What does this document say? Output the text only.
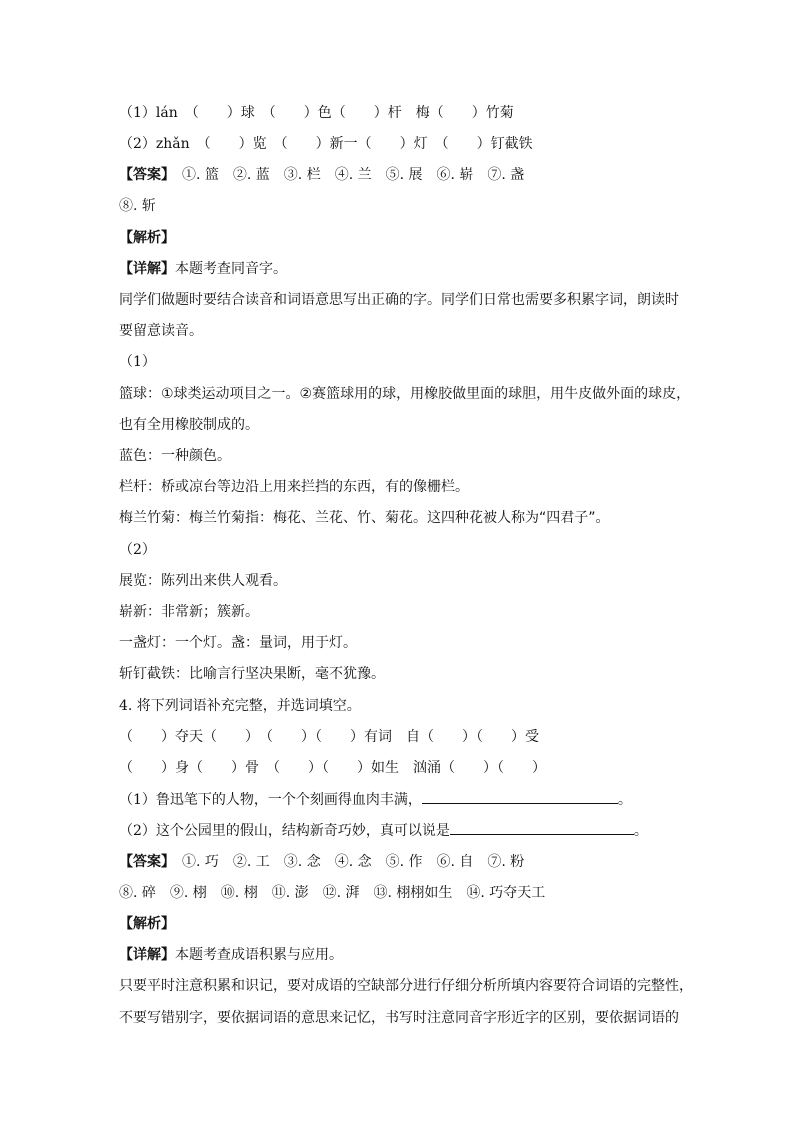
（1）lán　（　　）球　（　　）色（　　）杆　梅（　　）竹菊
（2）zhǎn　（　　）览　（　　）新一（　　）灯　（　　）钉截铁
【答案】　①. 篮　②. 蓝　③. 栏　④. 兰　⑤. 展　⑥. 崭　⑦. 盏
⑧. 斩
【解析】
【详解】本题考查同音字。
同学们做题时要结合读音和词语意思写出正确的字。同学们日常也需要多积累字词，朗读时
要留意读音。
（1）
篮球：①球类运动项目之一。②赛篮球用的球，用橡胶做里面的球胆，用牛皮做外面的球皮，
也有全用橡胶制成的。
蓝色：一种颜色。
栏杆：桥或凉台等边沿上用来拦挡的东西，有的像栅栏。
梅兰竹菊：梅兰竹菊指：梅花、兰花、竹、菊花。这四种花被人称为“四君子”。
（2）
展览：陈列出来供人观看。
崭新：非常新；簇新。
一盏灯：一个灯。盏：量词，用于灯。
斩钉截铁：比喻言行坚决果断，毫不犹豫。
4. 将下列词语补充完整，并选词填空。
（　　）夺天（　　）　（　　）（　　）有词　自（　　）（　　）受
（　　）身（　　）骨　（　　）（　　）如生　汹涌（　　）（　　）
（1）鲁迅笔下的人物，一个个刻画得血肉丰满，	。
（2）这个公园里的假山，结构新奇巧妙，真可以说是	。
【答案】　①. 巧　②. 工　③. 念　④. 念　⑤. 作　⑥. 自　⑦. 粉
⑧. 碎　⑨. 栩　⑩. 栩　⑪. 澎　⑫. 湃　⑬. 栩栩如生　⑭. 巧夺天工
【解析】
【详解】本题考查成语积累与应用。
只要平时注意积累和识记，要对成语的空缺部分进行仔细分析所填内容要符合词语的完整性，
不要写错别字，要依据词语的意思来记忆，书写时注意同音字形近字的区别，要依据词语的
